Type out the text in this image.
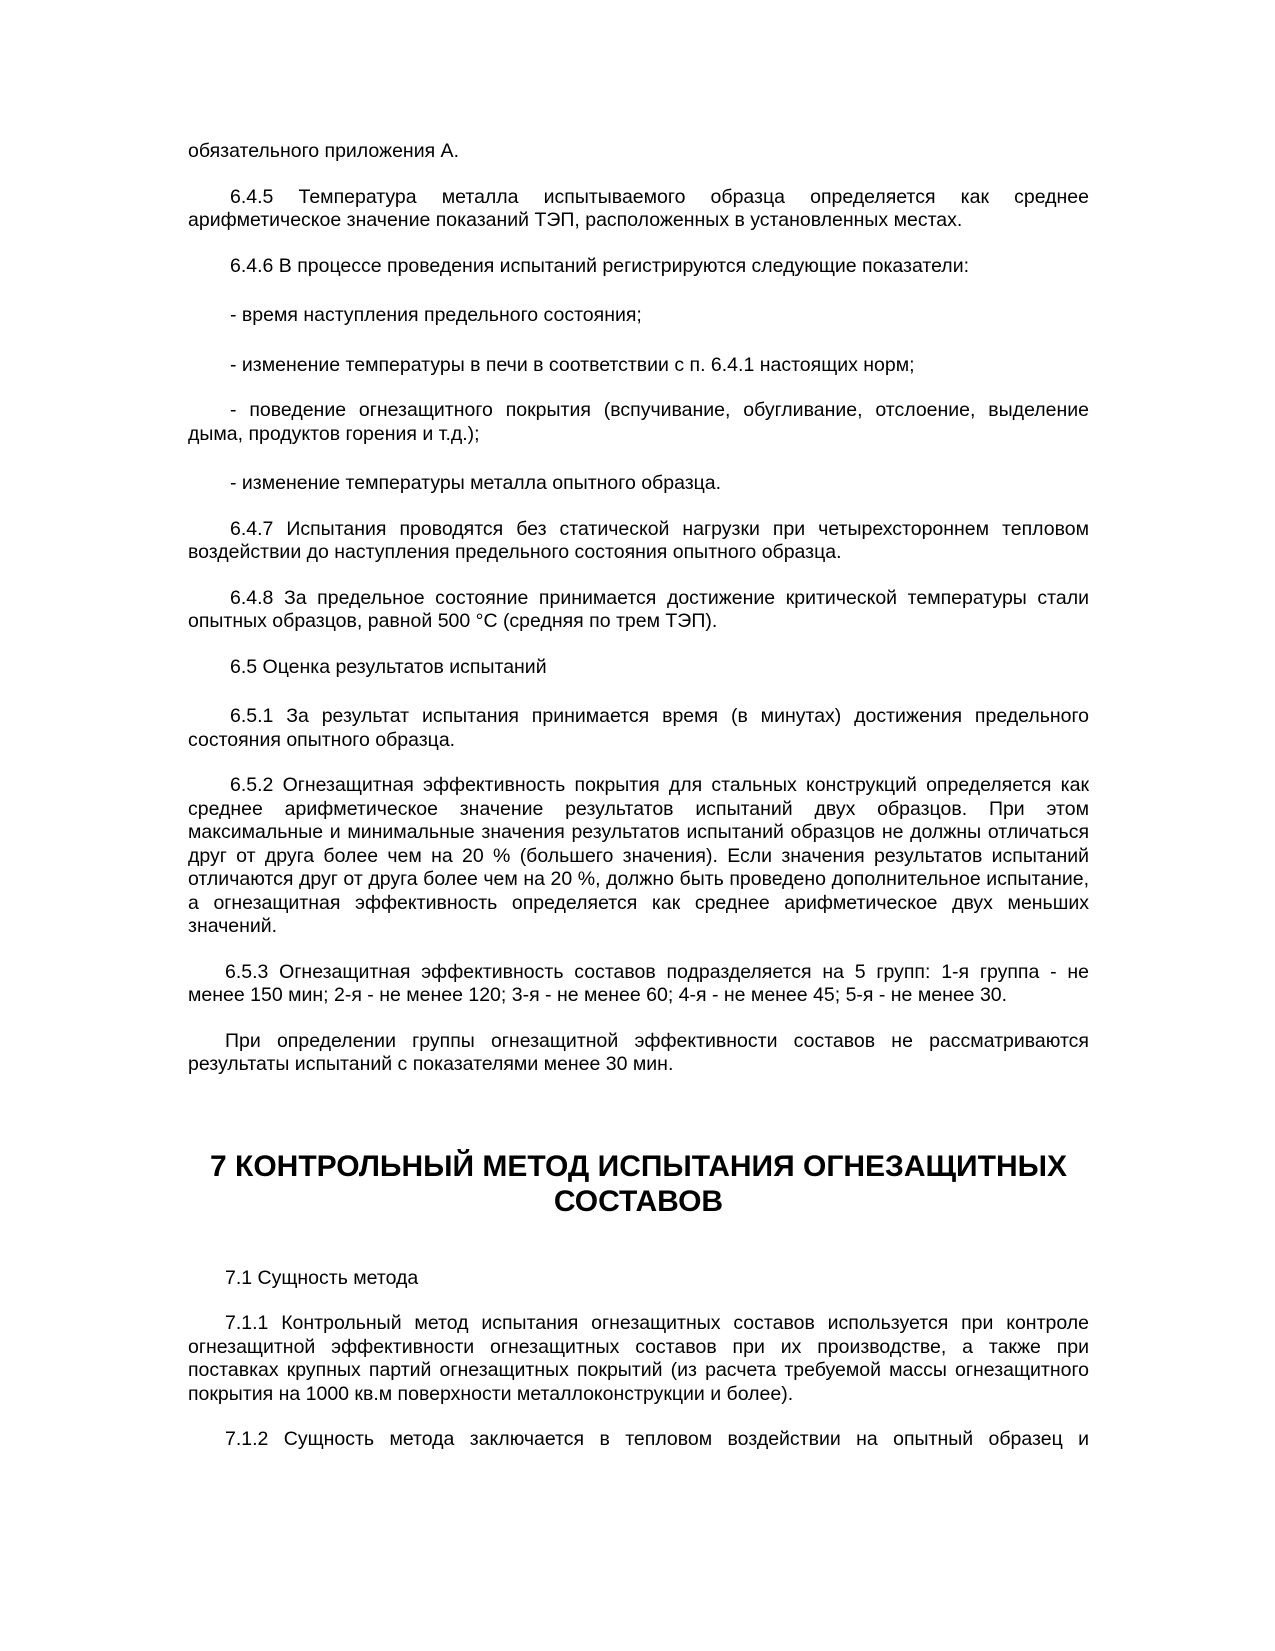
обязательного приложения А.

6.4.5 Температура металла испытываемого образца определяется как среднее арифметическое значение показаний ТЭП, расположенных в установленных местах.

6.4.6 В процессе проведения испытаний регистрируются следующие показатели:

- время наступления предельного состояния;

- изменение температуры в печи в соответствии с п. 6.4.1 настоящих норм;

- поведение огнезащитного покрытия (вспучивание, обугливание, отслоение, выделение дыма, продуктов горения и т.д.);

- изменение температуры металла опытного образца.

6.4.7 Испытания проводятся без статической нагрузки при четырехстороннем тепловом воздействии до наступления предельного состояния опытного образца.

6.4.8 За предельное состояние принимается достижение критической температуры стали опытных образцов, равной 500 °С (средняя по трем ТЭП).

6.5 Оценка результатов испытаний

6.5.1 За результат испытания принимается время (в минутах) достижения предельного состояния опытного образца.

6.5.2 Огнезащитная эффективность покрытия для стальных конструкций определяется как среднее арифметическое значение результатов испытаний двух образцов. При этом максимальные и минимальные значения результатов испытаний образцов не должны отличаться друг от друга более чем на 20 % (большего значения). Если значения результатов испытаний отличаются друг от друга более чем на 20 %, должно быть проведено дополнительное испытание, а огнезащитная эффективность определяется как среднее арифметическое двух меньших значений.

6.5.3 Огнезащитная эффективность составов подразделяется на 5 групп: 1-я группа - не менее 150 мин; 2-я - не менее 120; 3-я - не менее 60; 4-я - не менее 45; 5-я - не менее 30.

При определении группы огнезащитной эффективности составов не рассматриваются результаты испытаний с показателями менее 30 мин.

7 КОНТРОЛЬНЫЙ МЕТОД ИСПЫТАНИЯ ОГНЕЗАЩИТНЫХ СОСТАВОВ

7.1 Сущность метода

7.1.1 Контрольный метод испытания огнезащитных составов используется при контроле огнезащитной эффективности огнезащитных составов при их производстве, а также при поставках крупных партий огнезащитных покрытий (из расчета требуемой массы огнезащитного покрытия на 1000 кв.м поверхности металлоконструкции и более).

7.1.2 Сущность метода заключается в тепловом воздействии на опытный образец и
